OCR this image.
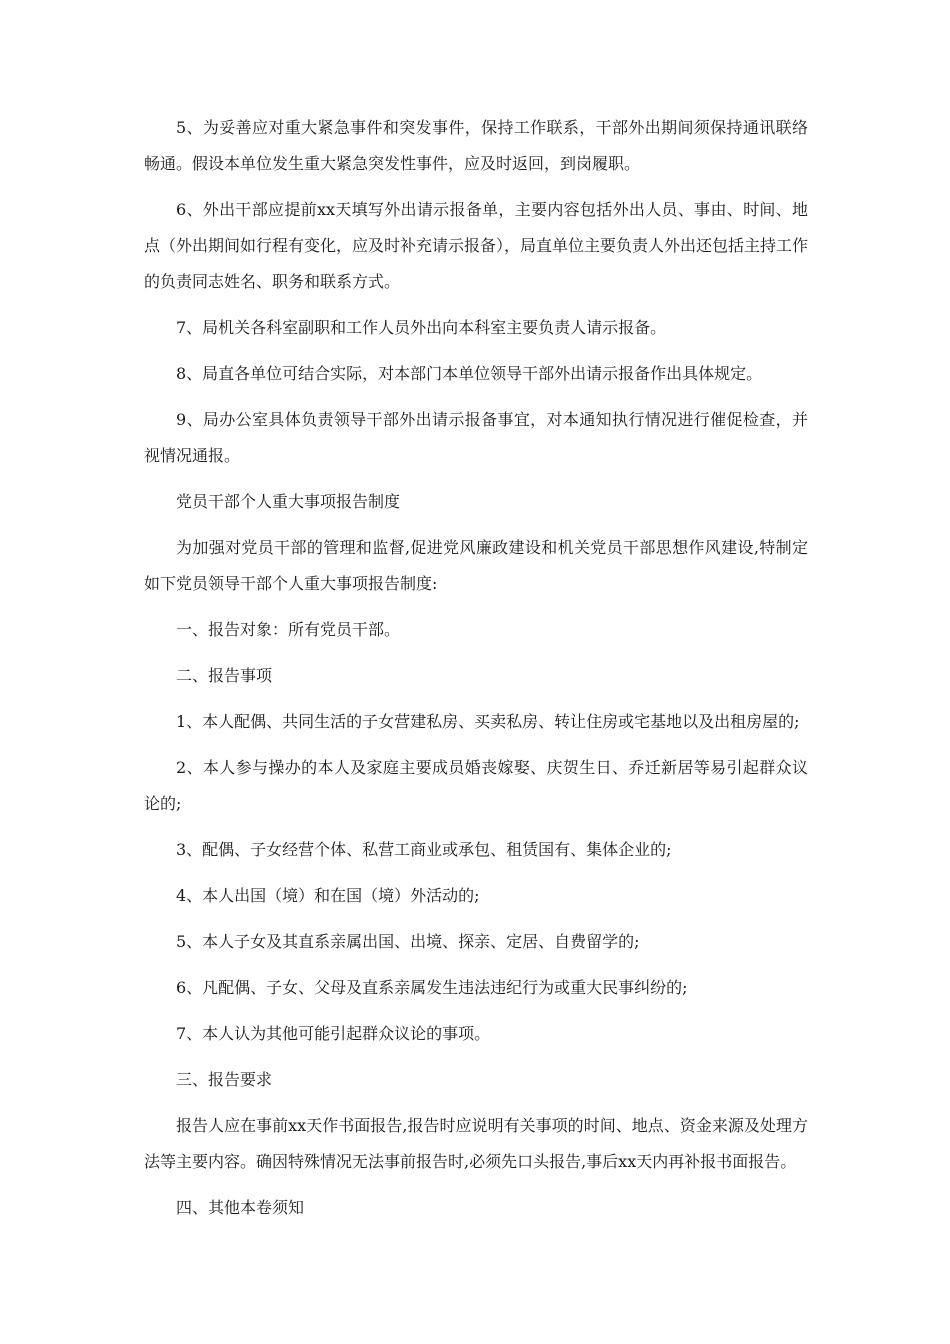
5、为妥善应对重大紧急事件和突发事件，保持工作联系，干部外出期间须保持通讯联络畅通。假设本单位发生重大紧急突发性事件，应及时返回，到岗履职。

6、外出干部应提前xx天填写外出请示报备单，主要内容包括外出人员、事由、时间、地点（外出期间如行程有变化，应及时补充请示报备），局直单位主要负责人外出还包括主持工作的负责同志姓名、职务和联系方式。

7、局机关各科室副职和工作人员外出向本科室主要负责人请示报备。

8、局直各单位可结合实际，对本部门本单位领导干部外出请示报备作出具体规定。

9、局办公室具体负责领导干部外出请示报备事宜，对本通知执行情况进行催促检查，并视情况通报。

党员干部个人重大事项报告制度

为加强对党员干部的管理和监督,促进党风廉政建设和机关党员干部思想作风建设,特制定如下党员领导干部个人重大事项报告制度:

一、报告对象：所有党员干部。

二、报告事项

1、本人配偶、共同生活的子女营建私房、买卖私房、转让住房或宅基地以及出租房屋的;

2、本人参与操办的本人及家庭主要成员婚丧嫁娶、庆贺生日、乔迁新居等易引起群众议论的;

3、配偶、子女经营个体、私营工商业或承包、租赁国有、集体企业的;

4、本人出国（境）和在国（境）外活动的;

5、本人子女及其直系亲属出国、出境、探亲、定居、自费留学的;

6、凡配偶、子女、父母及直系亲属发生违法违纪行为或重大民事纠纷的;

7、本人认为其他可能引起群众议论的事项。

三、报告要求

报告人应在事前xx天作书面报告,报告时应说明有关事项的时间、地点、资金来源及处理方法等主要内容。确因特殊情况无法事前报告时,必须先口头报告,事后xx天内再补报书面报告。

四、其他本卷须知
